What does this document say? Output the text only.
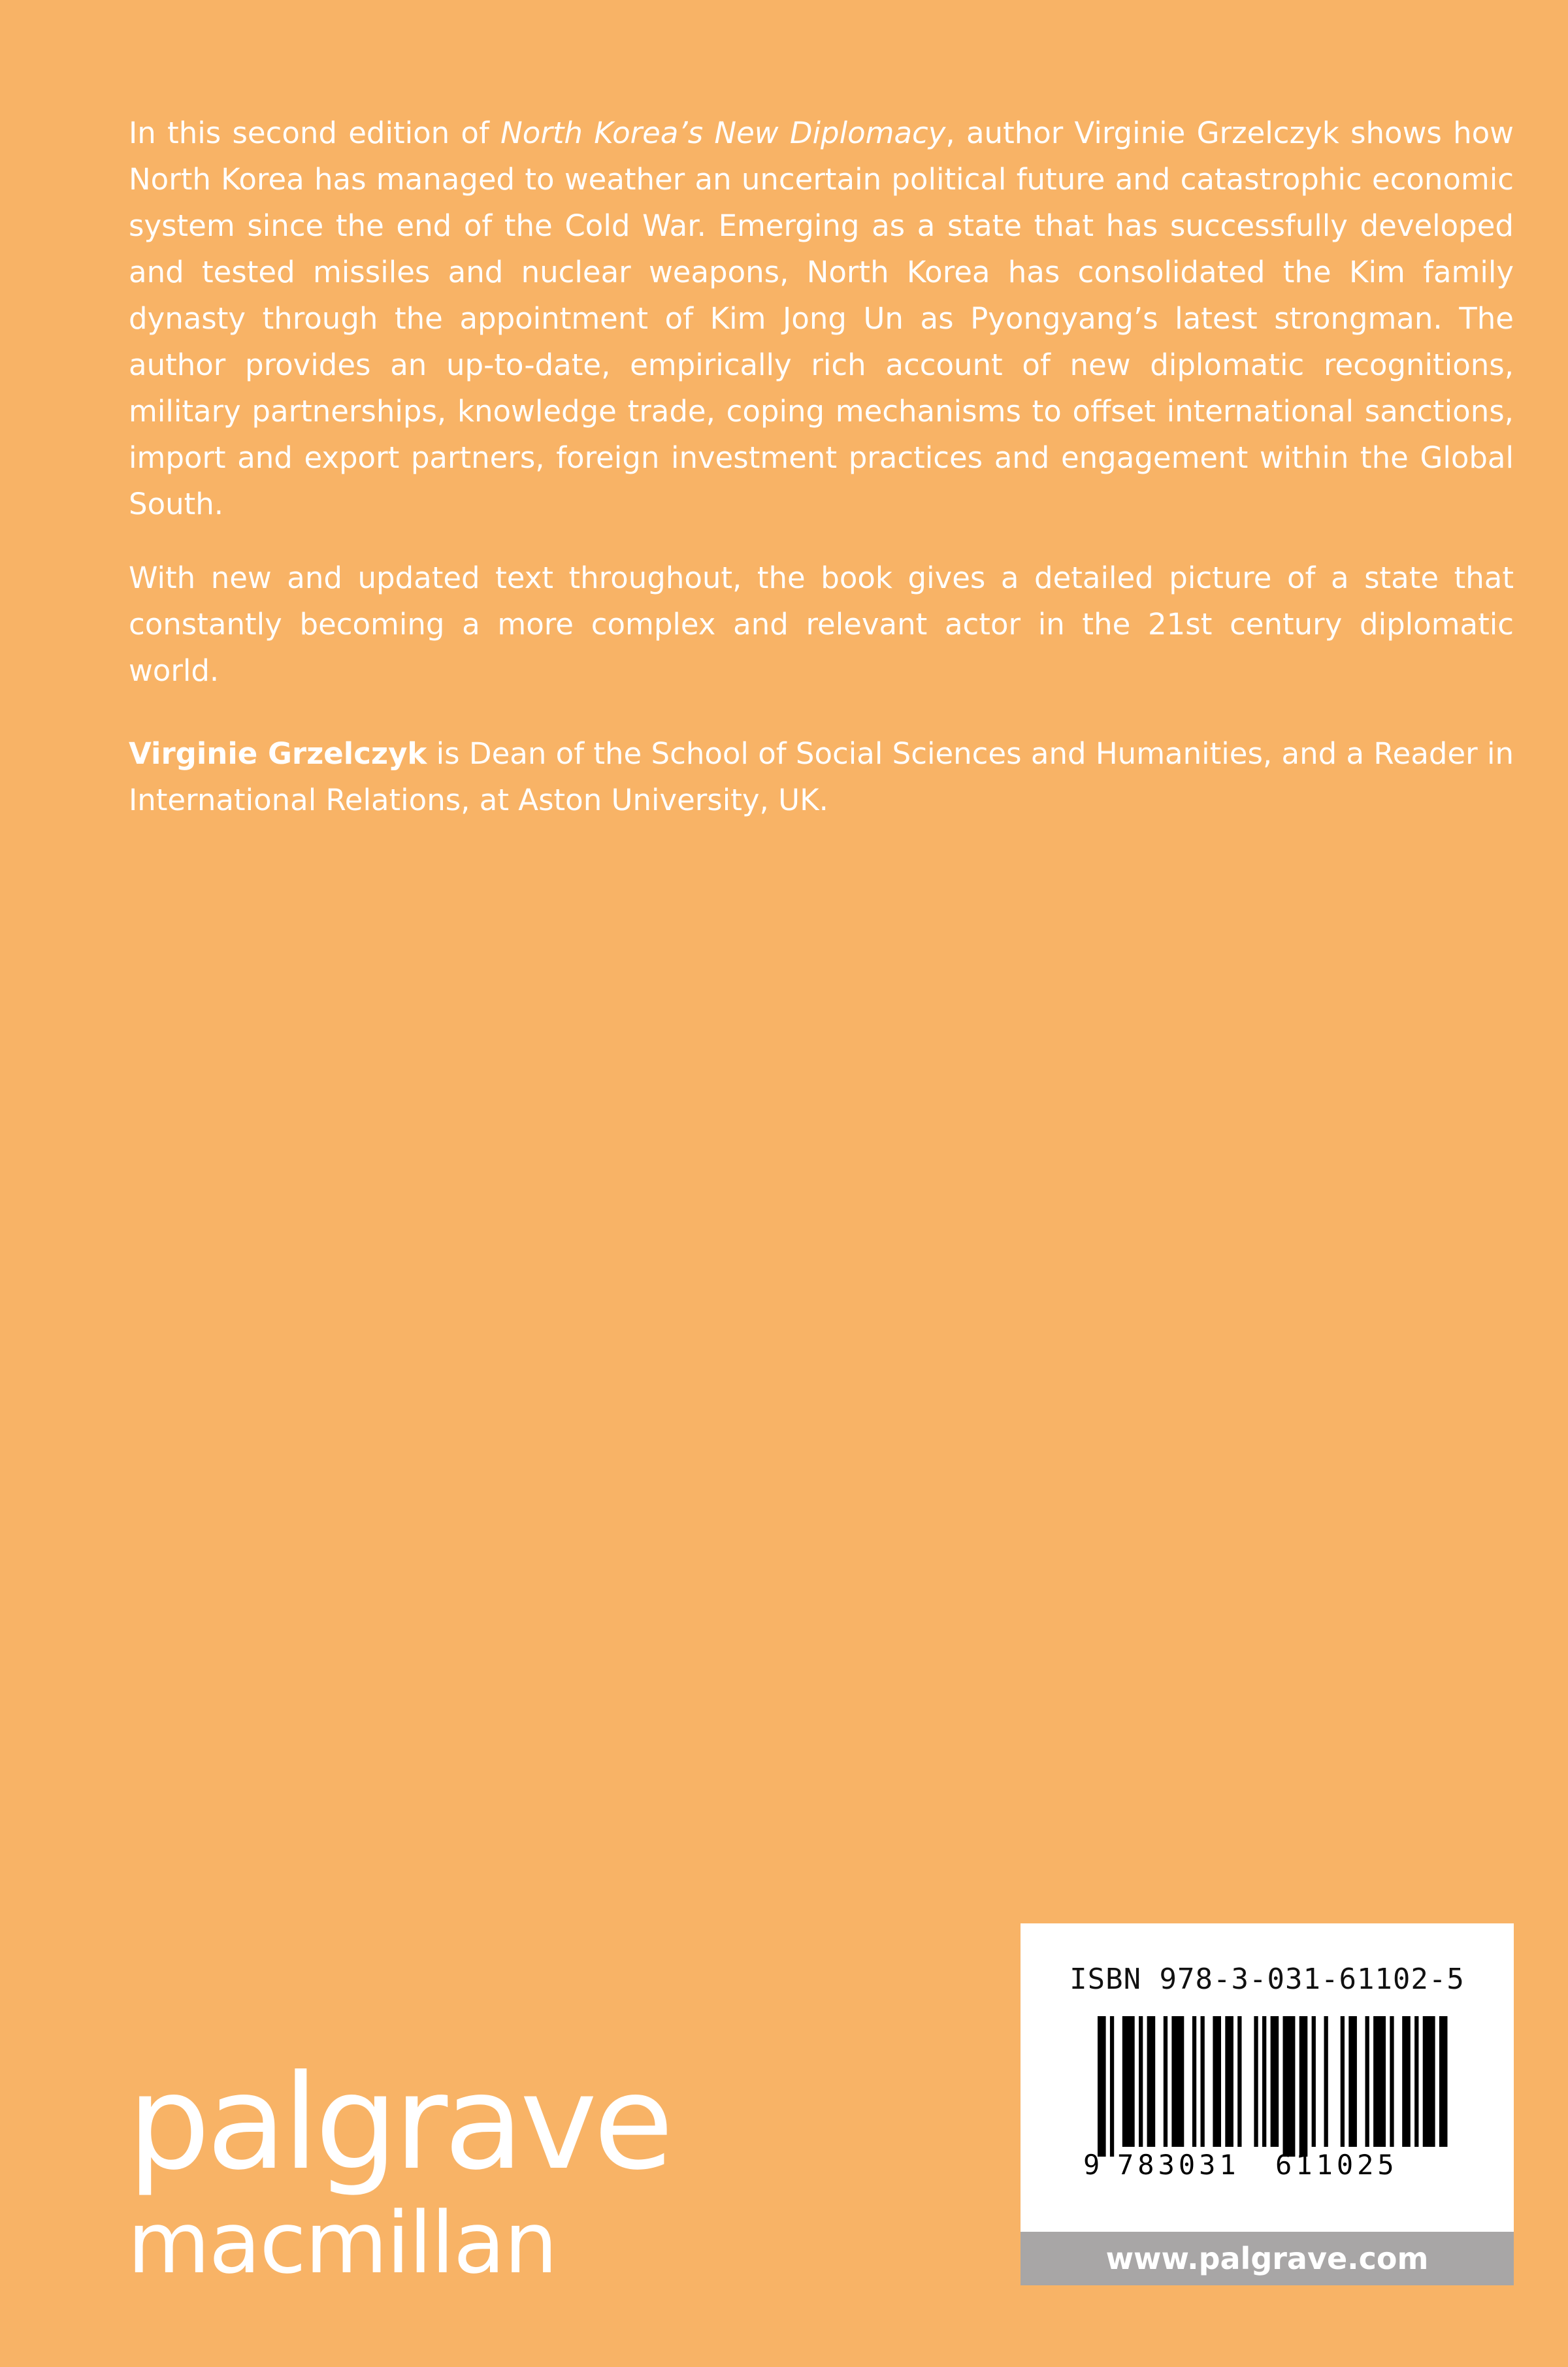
In this second edition of North Korea’s New Diplomacy, author Virginie Grzelczyk shows how North Korea has managed to weather an uncertain political future and catastrophic economic system since the end of the Cold War. Emerging as a state that has successfully developed and tested missiles and nuclear weapons, North Korea has consolidated the Kim family dynasty through the appointment of Kim Jong Un as Pyongyang’s latest strongman. The author provides an up-to-date, empirically rich account of new diplomatic recognitions, military partnerships, knowledge trade, coping mechanisms to offset international sanctions, import and export partners, foreign investment practices and engagement within the Global South.

With new and updated text throughout, the book gives a detailed picture of a state that constantly becoming a more complex and relevant actor in the 21st century diplomatic world.

Virginie Grzelczyk is Dean of the School of Social Sciences and Humanities, and a Reader in International Relations, at Aston University, UK.

palgrave
macmillan
ISBN 978-3-031-61102-5
9 783031 611025
www.palgrave.com
